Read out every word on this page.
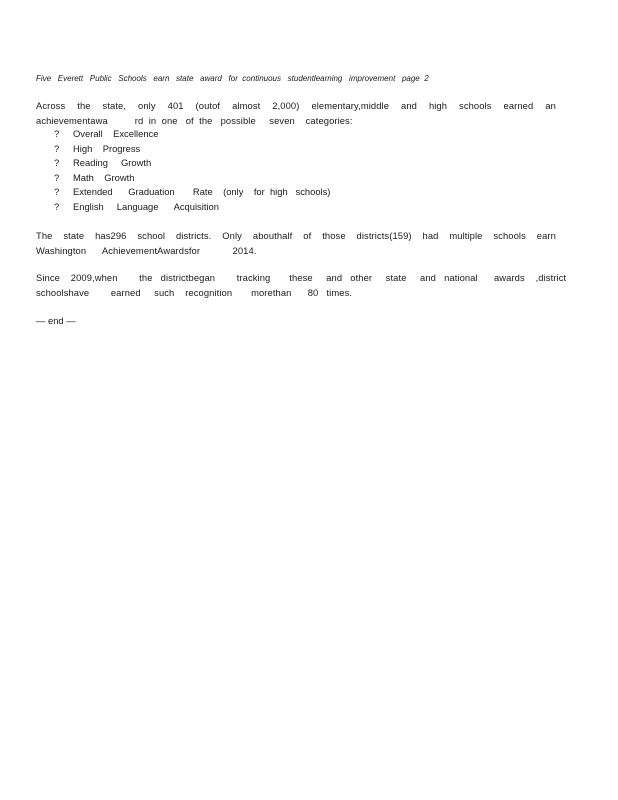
Five   Everett   Public   Schools   earn   state   award   for  continuous   studentlearning   improvement   page  2
Across the state, only 401 (outof almost 2,000) elementary,middle and high schools earned an
achievementawa          rd  in  one   of  the   possible     seven    categories:
?	Overall    Excellence
?	High    Progress
?	Reading     Growth
?	Math    Growth
?	Extended      Graduation       Rate    (only    for  high   schools)
?	English     Language      Acquisition
The state has296 school districts. Only abouthalf of those districts(159) had multiple schools earn
Washington      AchievementAwardsfor            2014.
Since    2009,when        the   districtbegan        tracking       these     and   other     state     and   national      awards    ,district
schoolshave        earned     such    recognition       morethan      80   times.
— end —
